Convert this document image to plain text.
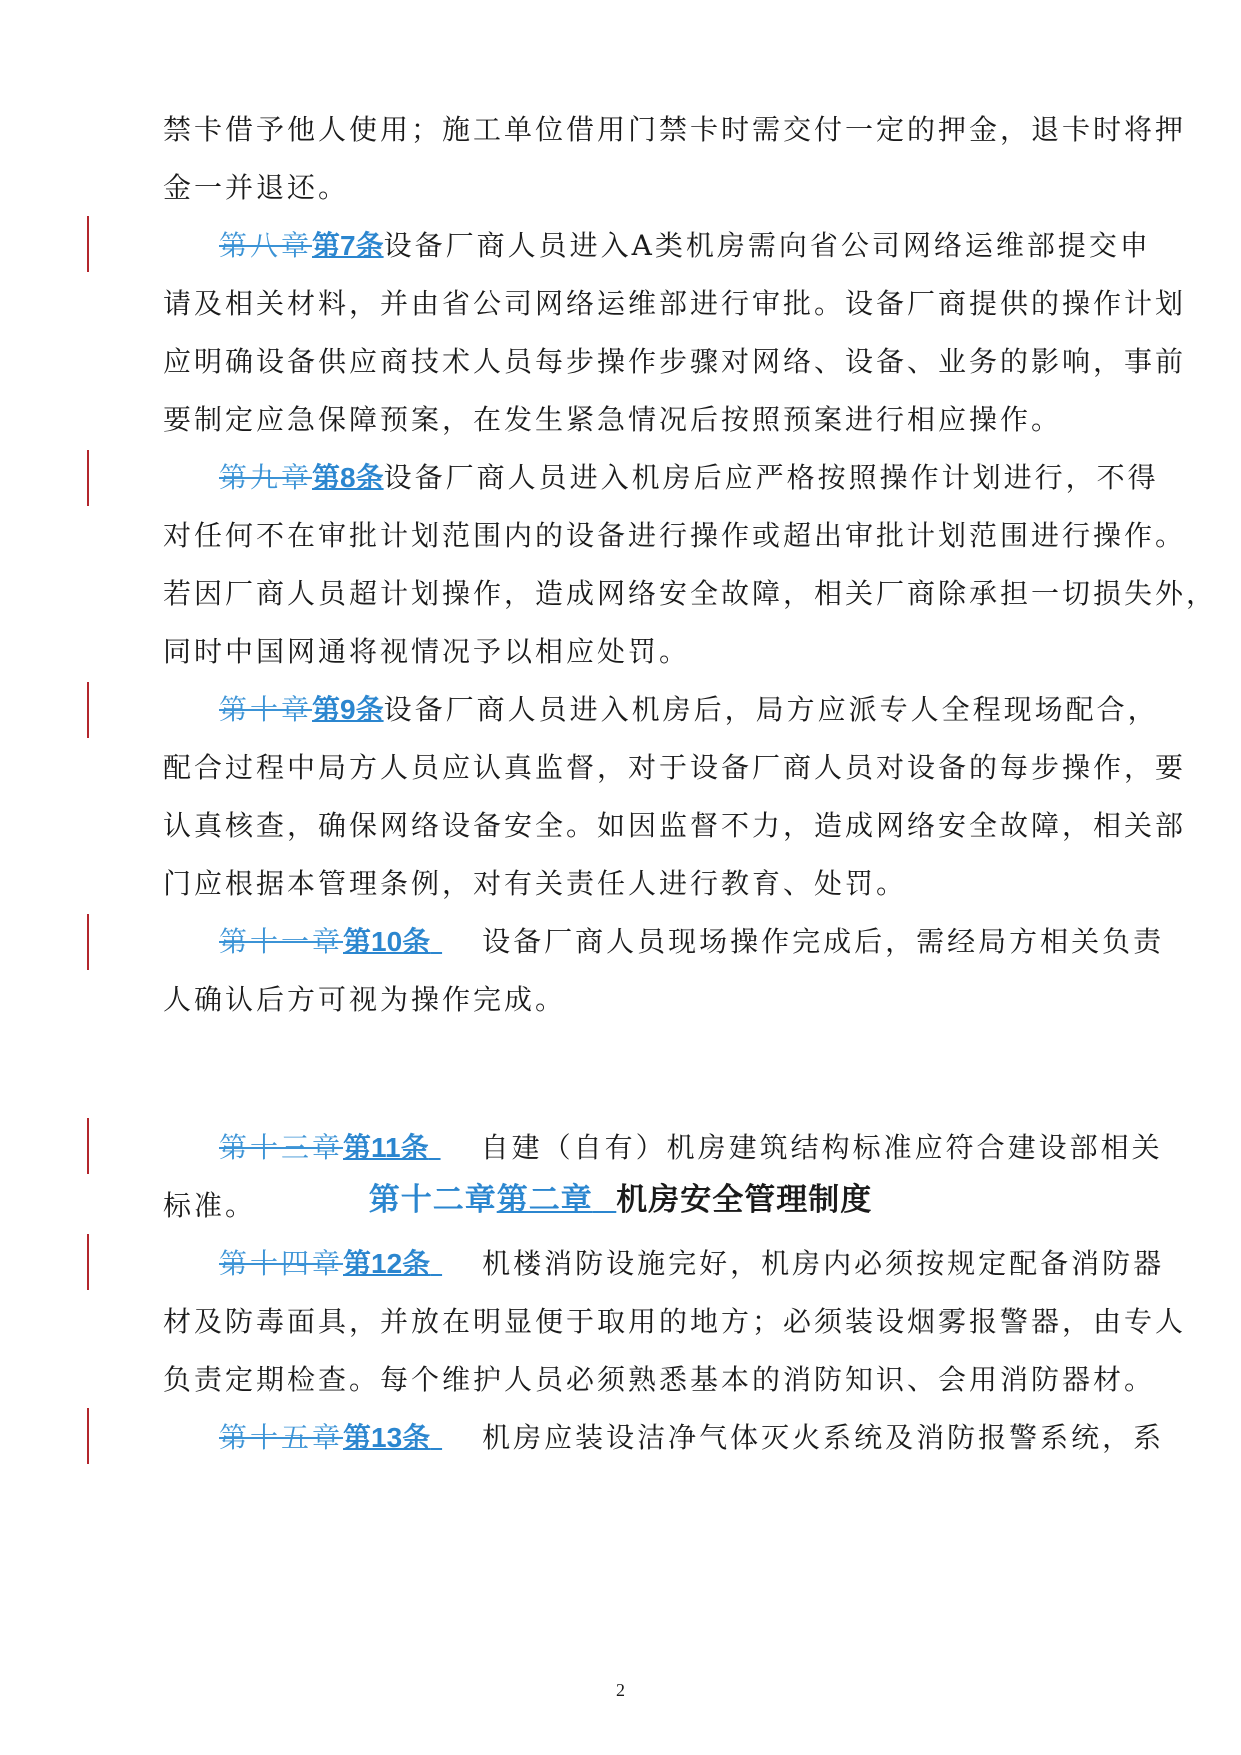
禁卡借予他人使用；施工单位借用门禁卡时需交付一定的押金，退卡时将押
金一并退还。
第八章第7条设备厂商人员进入A类机房需向省公司网络运维部提交申
请及相关材料，并由省公司网络运维部进行审批。设备厂商提供的操作计划
应明确设备供应商技术人员每步操作步骤对网络、设备、业务的影响，事前
要制定应急保障预案，在发生紧急情况后按照预案进行相应操作。
第九章第8条设备厂商人员进入机房后应严格按照操作计划进行，不得
对任何不在审批计划范围内的设备进行操作或超出审批计划范围进行操作。
若因厂商人员超计划操作，造成网络安全故障，相关厂商除承担一切损失外，
同时中国网通将视情况予以相应处罚。
第十章第9条设备厂商人员进入机房后，局方应派专人全程现场配合，
配合过程中局方人员应认真监督，对于设备厂商人员对设备的每步操作，要
认真核查，确保网络设备安全。如因监督不力，造成网络安全故障，相关部
门应根据本管理条例，对有关责任人进行教育、处罚。
第十一章第10条 设备厂商人员现场操作完成后，需经局方相关负责
人确认后方可视为操作完成。
第十二章第二章 机房安全管理制度
第十三章第11条 自建（自有）机房建筑结构标准应符合建设部相关
标准。
第十四章第12条 机楼消防设施完好，机房内必须按规定配备消防器
材及防毒面具，并放在明显便于取用的地方；必须装设烟雾报警器，由专人
负责定期检查。每个维护人员必须熟悉基本的消防知识、会用消防器材。
第十五章第13条 机房应装设洁净气体灭火系统及消防报警系统，系
2
